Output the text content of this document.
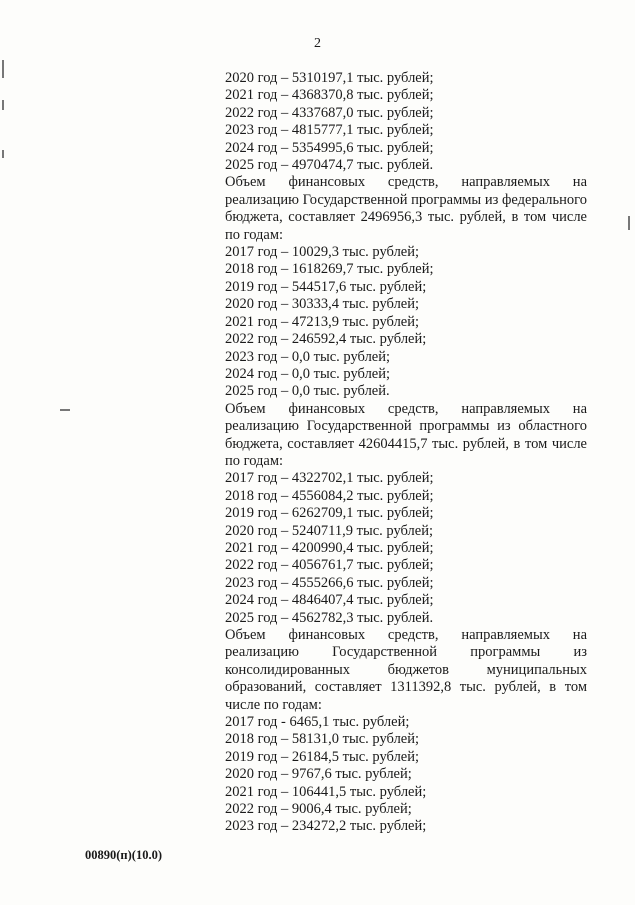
2
2020 год – 5310197,1 тыс. рублей;
2021 год – 4368370,8 тыс. рублей;
2022 год – 4337687,0 тыс. рублей;
2023 год – 4815777,1 тыс. рублей;
2024 год – 5354995,6 тыс. рублей;
2025 год – 4970474,7 тыс. рублей.
Объем финансовых средств, направляемых на реализацию Государственной программы из федерального бюджета, составляет 2496956,3 тыс. рублей, в том числе по годам:
2017 год – 10029,3 тыс. рублей;
2018 год – 1618269,7 тыс. рублей;
2019 год – 544517,6 тыс. рублей;
2020 год – 30333,4 тыс. рублей;
2021 год – 47213,9 тыс. рублей;
2022 год – 246592,4 тыс. рублей;
2023 год – 0,0 тыс. рублей;
2024 год – 0,0 тыс. рублей;
2025 год – 0,0 тыс. рублей.
Объем финансовых средств, направляемых на реализацию Государственной программы из областного бюджета, составляет 42604415,7 тыс. рублей, в том числе по годам:
2017 год – 4322702,1 тыс. рублей;
2018 год – 4556084,2 тыс. рублей;
2019 год – 6262709,1 тыс. рублей;
2020 год – 5240711,9 тыс. рублей;
2021 год – 4200990,4 тыс. рублей;
2022 год – 4056761,7 тыс. рублей;
2023 год – 4555266,6 тыс. рублей;
2024 год – 4846407,4 тыс. рублей;
2025 год – 4562782,3 тыс. рублей.
Объем финансовых средств, направляемых на реализацию Государственной программы из консолидированных бюджетов муниципальных образований, составляет 1311392,8 тыс. рублей, в том числе по годам:
2017 год - 6465,1 тыс. рублей;
2018 год – 58131,0 тыс. рублей;
2019 год – 26184,5 тыс. рублей;
2020 год – 9767,6 тыс. рублей;
2021 год – 106441,5 тыс. рублей;
2022 год – 9006,4 тыс. рублей;
2023 год – 234272,2 тыс. рублей;
00890(п)(10.0)
